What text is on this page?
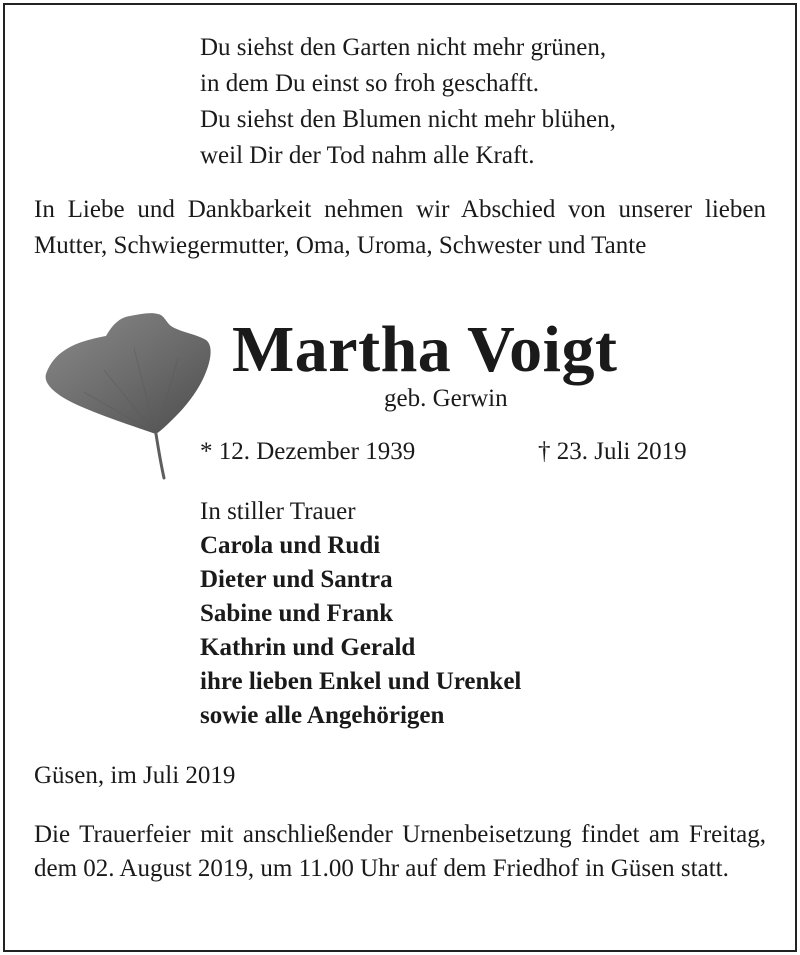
Du siehst den Garten nicht mehr grünen,
in dem Du einst so froh geschafft.
Du siehst den Blumen nicht mehr blühen,
weil Dir der Tod nahm alle Kraft.
In Liebe und Dankbarkeit nehmen wir Abschied von unserer lieben Mutter, Schwiegermutter, Oma, Uroma, Schwester und Tante
Martha Voigt
geb. Gerwin
* 12. Dezember 1939	† 23. Juli 2019
In stiller Trauer
Carola und Rudi
Dieter und Santra
Sabine und Frank
Kathrin und Gerald
ihre lieben Enkel und Urenkel
sowie alle Angehörigen
Güsen, im Juli 2019
Die Trauerfeier mit anschließender Urnenbeisetzung findet am Freitag, dem 02. August 2019, um 11.00 Uhr auf dem Friedhof in Güsen statt.
